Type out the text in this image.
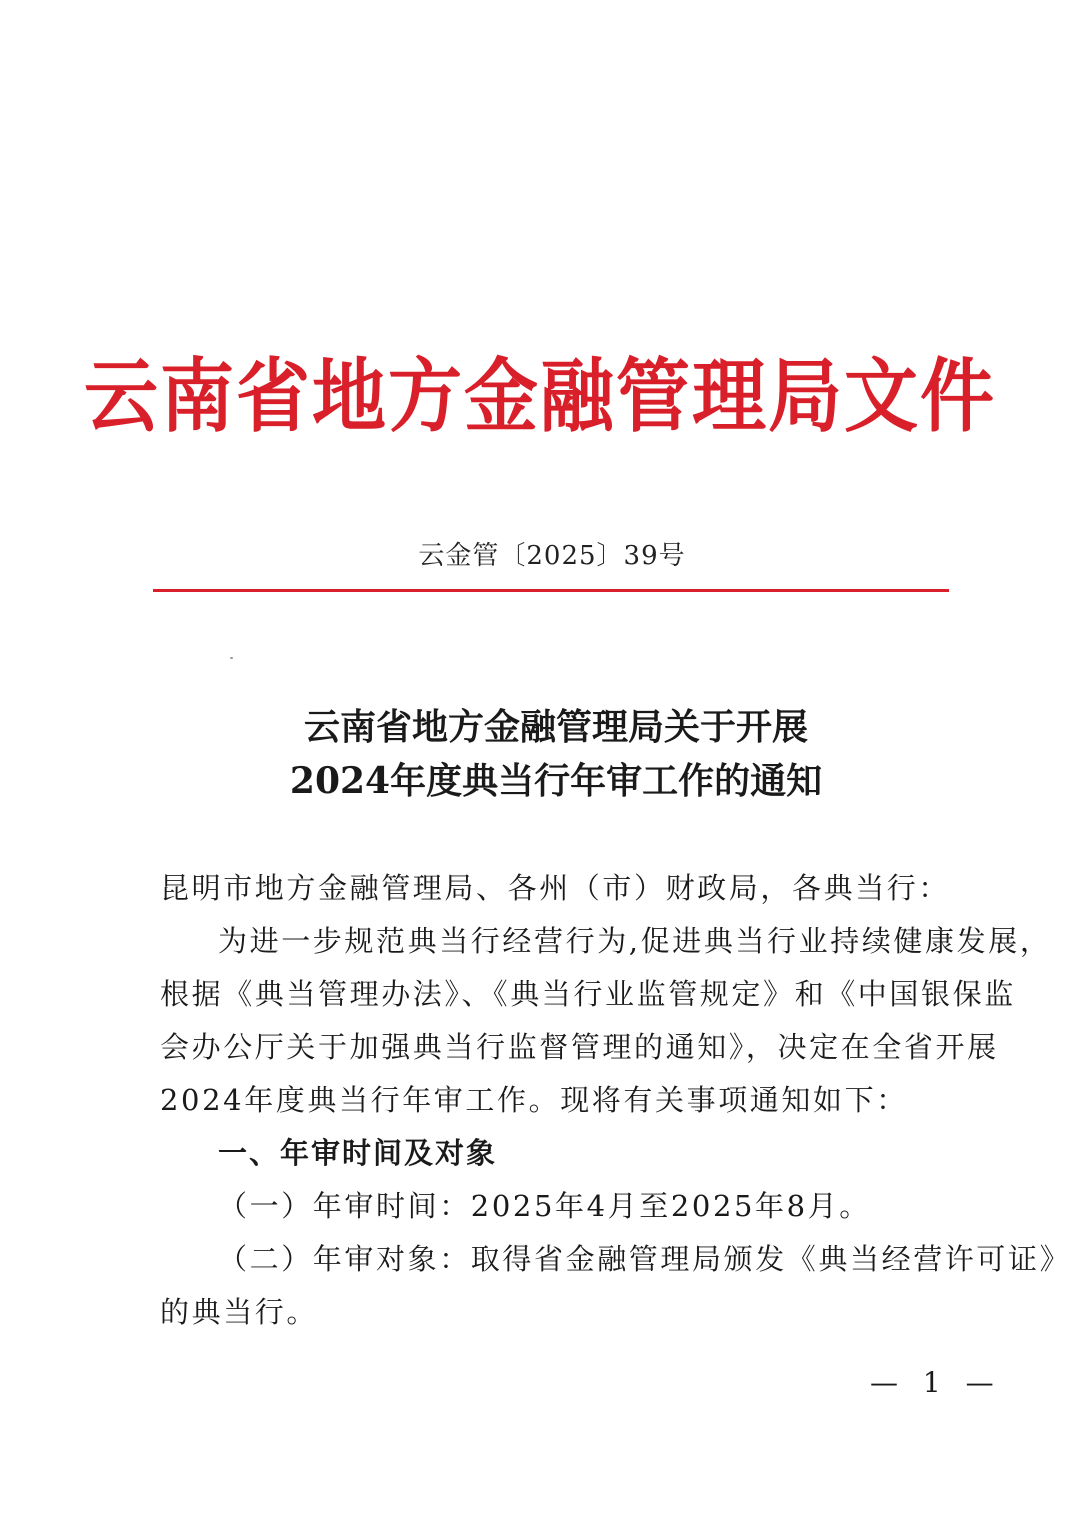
云南省地方金融管理局文件
云金管〔2025〕39号
云南省地方金融管理局关于开展
2024年度典当行年审工作的通知
昆明市地方金融管理局、各州（市）财政局，各典当行：
为进一步规范典当行经营行为,促进典当行业持续健康发展，
根据《典当管理办法》、《典当行业监管规定》和《中国银保监
会办公厅关于加强典当行监督管理的通知》，决定在全省开展
2024年度典当行年审工作。现将有关事项通知如下：
一、年审时间及对象
（一）年审时间：2025年4月至2025年8月。
（二）年审对象：取得省金融管理局颁发《典当经营许可证》
的典当行。
— 1 —
